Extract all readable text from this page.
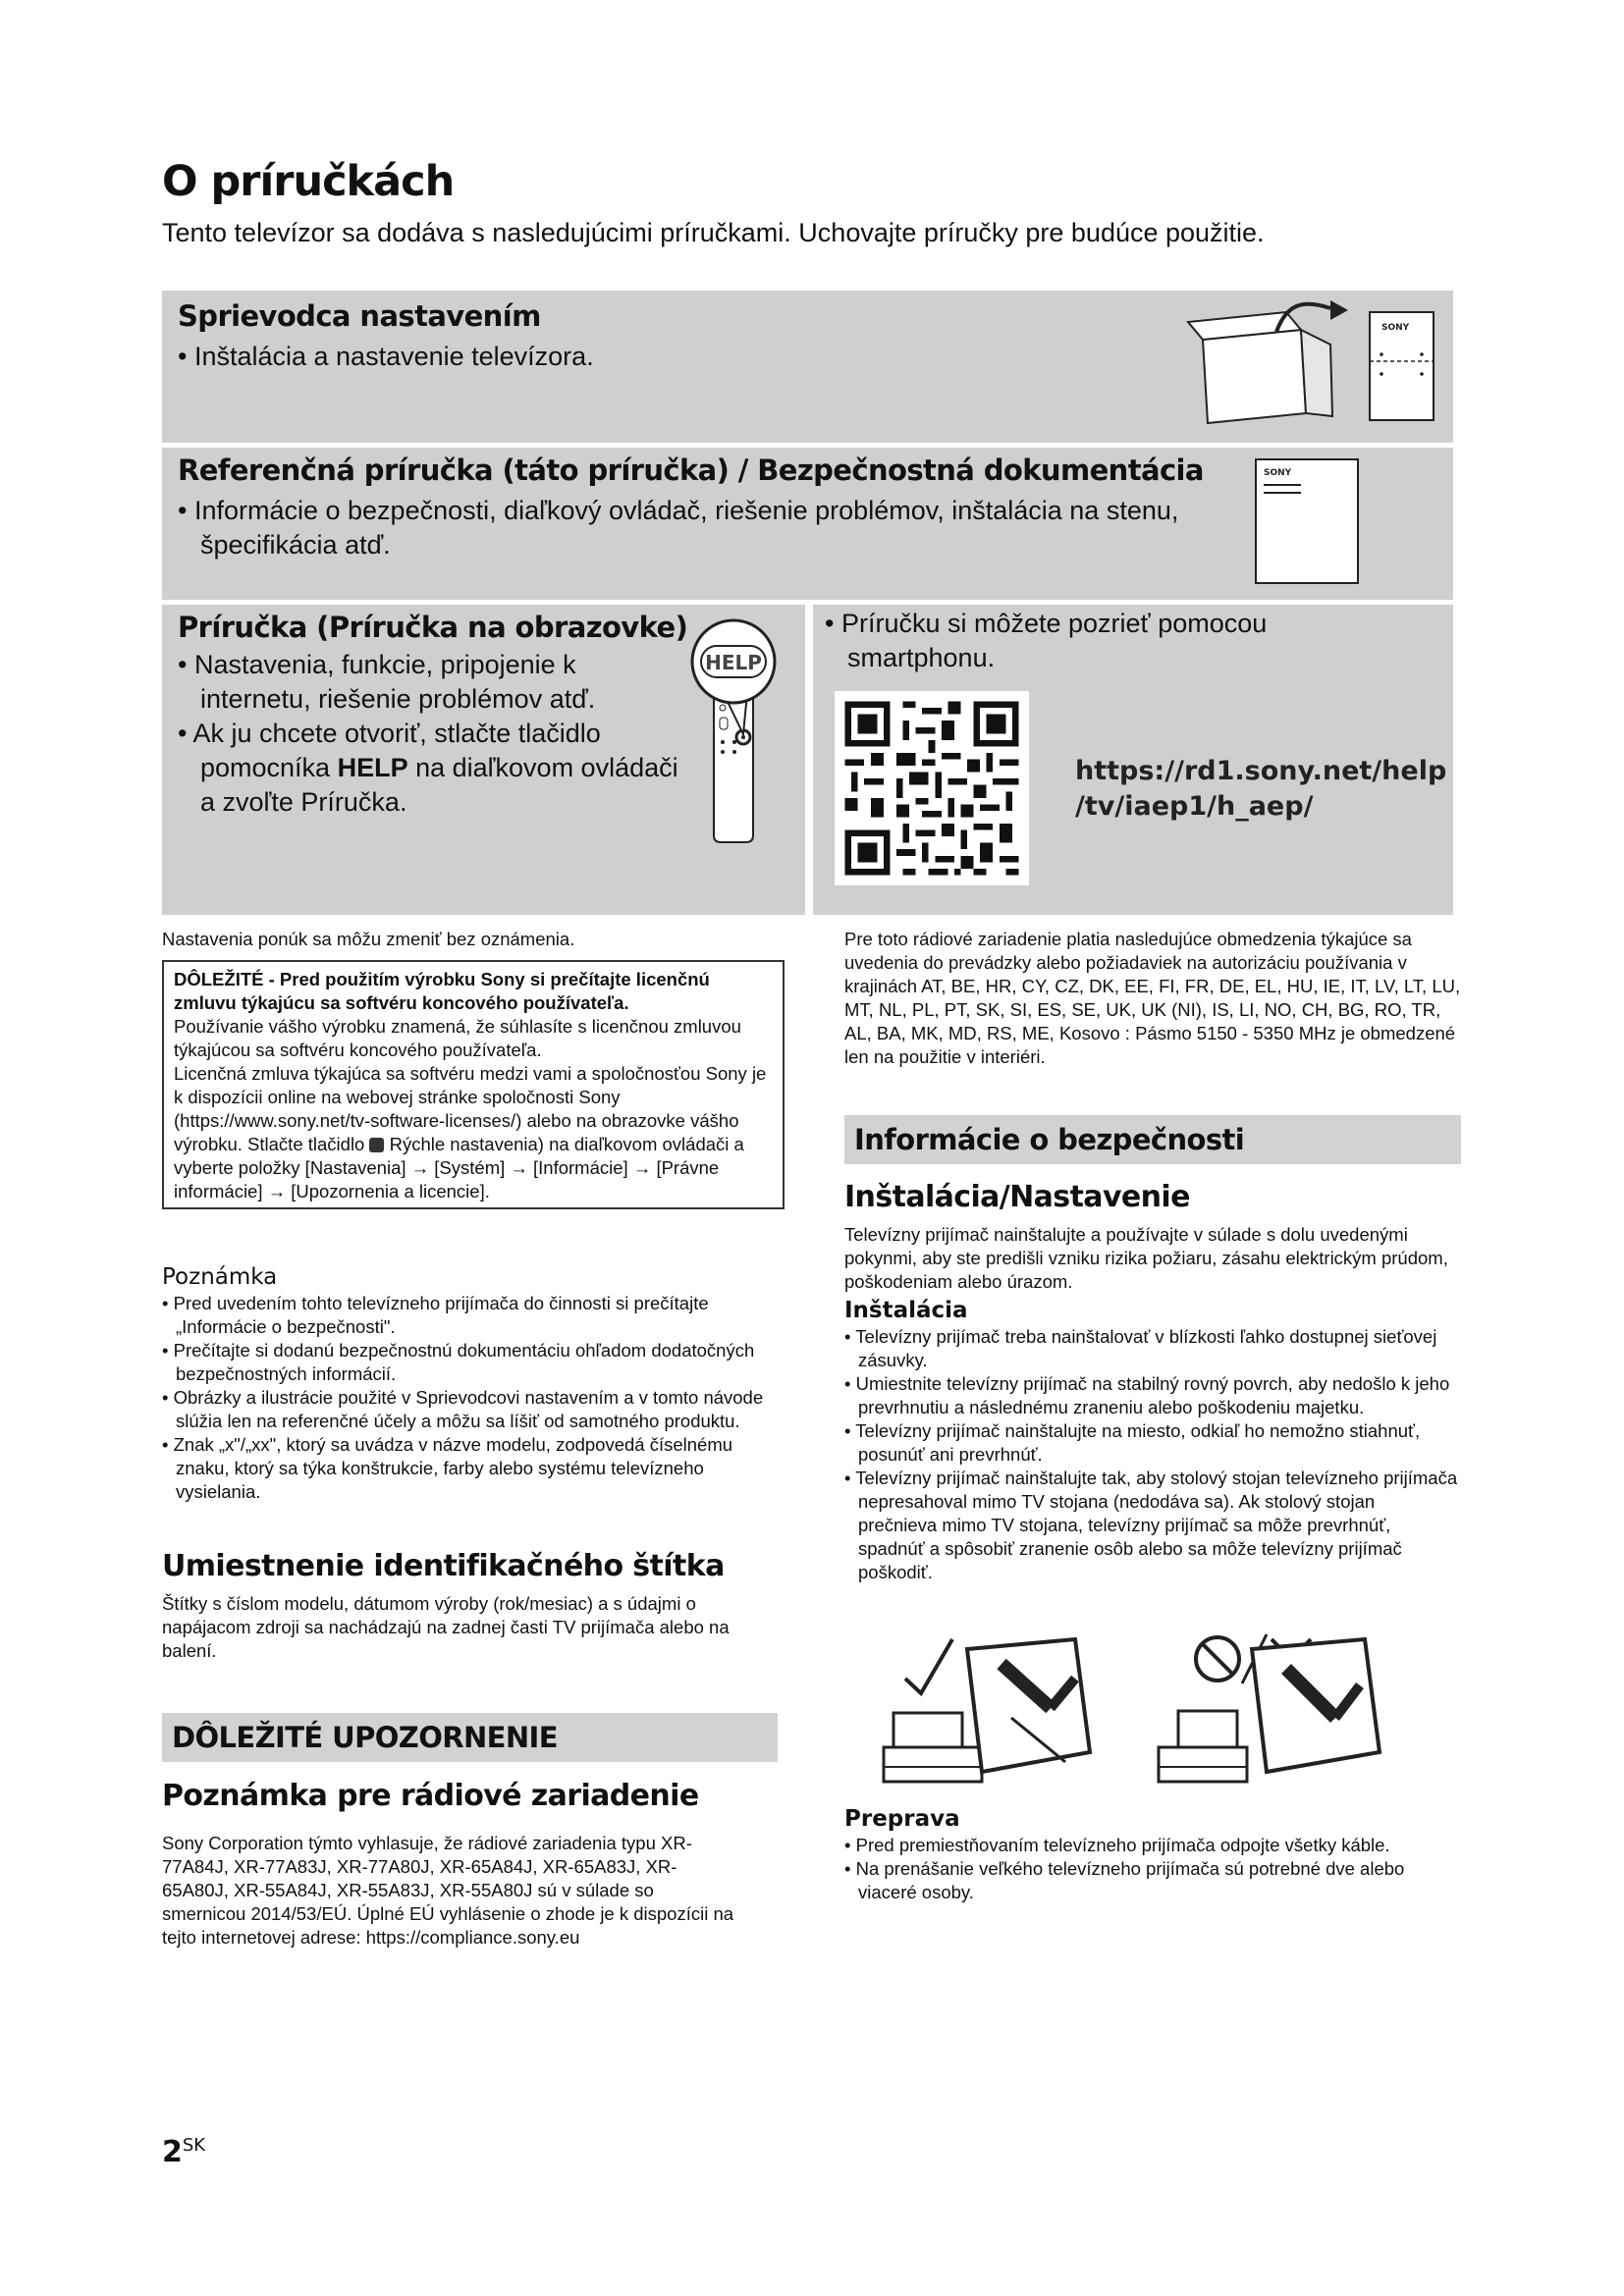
O príručkách
Tento televízor sa dodáva s nasledujúcimi príručkami. Uchovajte príručky pre budúce použitie.
Sprievodca nastavením
• Inštalácia a nastavenie televízora.
SONY
Referenčná príručka (táto príručka) / Bezpečnostná dokumentácia
• Informácie o bezpečnosti, diaľkový ovládač, riešenie problémov, inštalácia na stenu, špecifikácia atď.
SONY
Príručka (Príručka na obrazovke)
• Nastavenia, funkcie, pripojenie k internetu, riešenie problémov atď.
• Ak ju chcete otvoriť, stlačte tlačidlo pomocníka HELP na diaľkovom ovládači a zvoľte Príručka.
HELP
• Príručku si môžete pozrieť pomocou smartphonu.
https://rd1.sony.net/help
/tv/iaep1/h_aep/
Nastavenia ponúk sa môžu zmeniť bez oznámenia.
DÔLEŽITÉ - Pred použitím výrobku Sony si prečítajte licenčnú zmluvu týkajúcu sa softvéru koncového používateľa.
Používanie vášho výrobku znamená, že súhlasíte s licenčnou zmluvou týkajúcou sa softvéru koncového používateľa.
Licenčná zmluva týkajúca sa softvéru medzi vami a spoločnosťou Sony je k dispozícii online na webovej stránke spoločnosti Sony (https://www.sony.net/tv-software-licenses/) alebo na obrazovke vášho výrobku. Stlačte tlačidlo  Rýchle nastavenia) na diaľkovom ovládači a vyberte položky [Nastavenia] → [Systém] → [Informácie] → [Právne informácie] → [Upozornenia a licencie].
Poznámka

• Pred uvedením tohto televízneho prijímača do činnosti si prečítajte „Informácie o bezpečnosti".

• Prečítajte si dodanú bezpečnostnú dokumentáciu ohľadom dodatočných bezpečnostných informácií.

• Obrázky a ilustrácie použité v Sprievodcovi nastavením a v tomto návode slúžia len na referenčné účely a môžu sa líšiť od samotného produktu.

• Znak „x"/„xx", ktorý sa uvádza v názve modelu, zodpovedá číselnému znaku, ktorý sa týka konštrukcie, farby alebo systému televízneho vysielania.

Umiestnenie identifikačného štítka
Štítky s číslom modelu, dátumom výroby (rok/mesiac) a s údajmi o napájacom zdroji sa nachádzajú na zadnej časti TV prijímača alebo na balení.
DÔLEŽITÉ UPOZORNENIE
Poznámka pre rádiové zariadenie
Sony Corporation týmto vyhlasuje, že rádiové zariadenia typu XR-77A84J, XR-77A83J, XR-77A80J, XR-65A84J, XR-65A83J, XR-65A80J, XR-55A84J, XR-55A83J, XR-55A80J sú v súlade so smernicou 2014/53/EÚ. Úplné EÚ vyhlásenie o zhode je k dispozícii na tejto internetovej adrese: https://compliance.sony.eu
Pre toto rádiové zariadenie platia nasledujúce obmedzenia týkajúce sa uvedenia do prevádzky alebo požiadaviek na autorizáciu používania v krajinách AT, BE, HR, CY, CZ, DK, EE, FI, FR, DE, EL, HU, IE, IT, LV, LT, LU, MT, NL, PL, PT, SK, SI, ES, SE, UK, UK (NI), IS, LI, NO, CH, BG, RO, TR, AL, BA, MK, MD, RS, ME, Kosovo : Pásmo 5150 - 5350 MHz je obmedzené len na použitie v interiéri.
Informácie o bezpečnosti
Inštalácia/Nastavenie
Televízny prijímač nainštalujte a používajte v súlade s dolu uvedenými pokynmi, aby ste predišli vzniku rizika požiaru, zásahu elektrickým prúdom, poškodeniam alebo úrazom.
Inštalácia

• Televízny prijímač treba nainštalovať v blízkosti ľahko dostupnej sieťovej zásuvky.

• Umiestnite televízny prijímač na stabilný rovný povrch, aby nedošlo k jeho prevrhnutiu a následnému zraneniu alebo poškodeniu majetku.

• Televízny prijímač nainštalujte na miesto, odkiaľ ho nemožno stiahnuť, posunúť ani prevrhnúť.

• Televízny prijímač nainštalujte tak, aby stolový stojan televízneho prijímača nepresahoval mimo TV stojana (nedodáva sa). Ak stolový stojan prečnieva mimo TV stojana, televízny prijímač sa môže prevrhnúť, spadnúť a spôsobiť zranenie osôb alebo sa môže televízny prijímač poškodiť.

Preprava

• Pred premiestňovaním televízneho prijímača odpojte všetky káble.

• Na prenášanie veľkého televízneho prijímača sú potrebné dve alebo viaceré osoby.

$2^{SK}$
